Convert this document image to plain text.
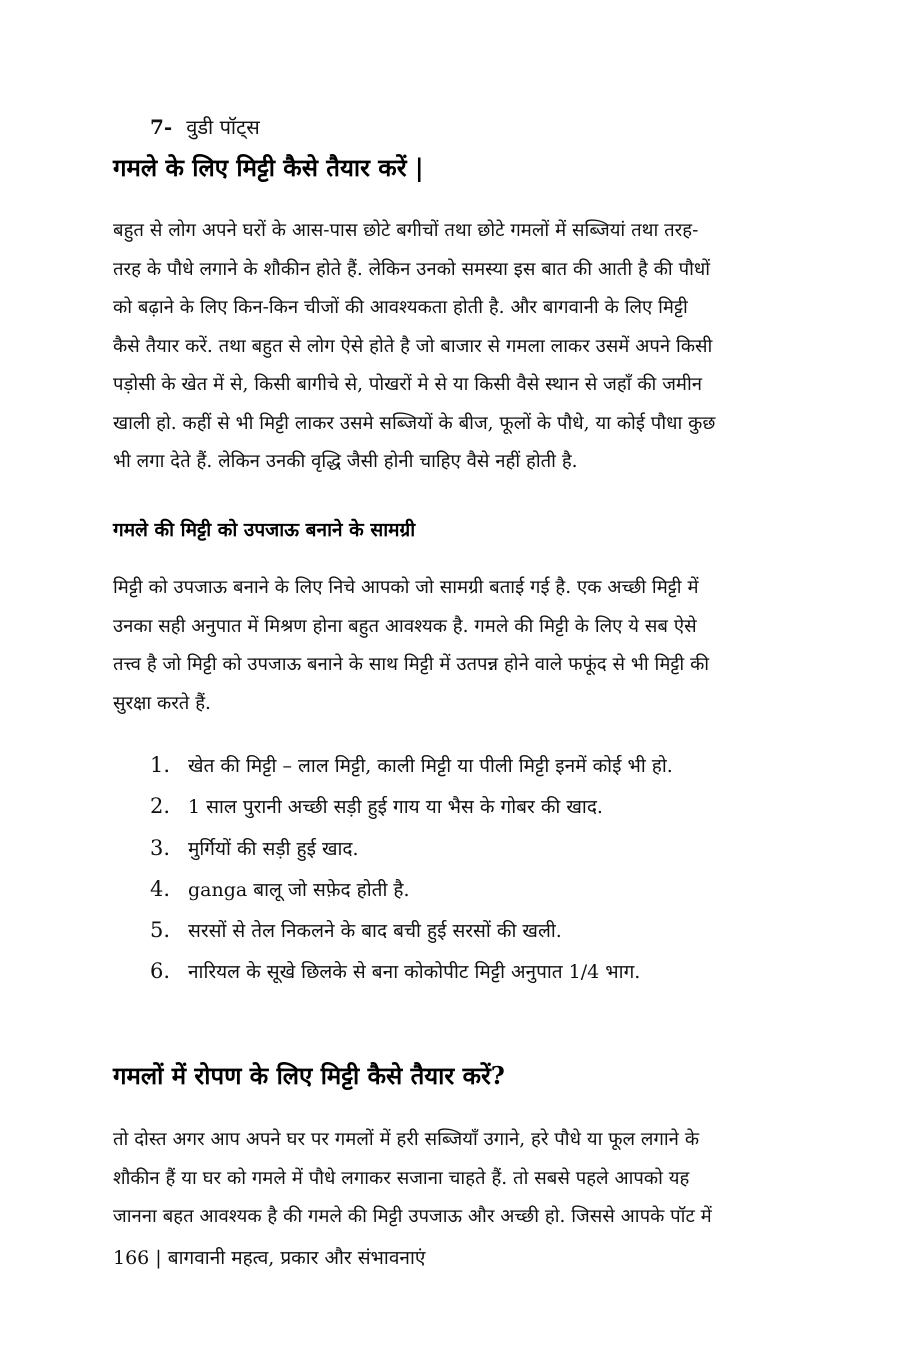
7- वुडी पॉट्स
गमले के लिए मिट्टी कैसे तैयार करें |

बहुत से लोग अपने घरों के आस-पास छोटे बगीचों तथा छोटे गमलों में सब्जियां तथा तरह-
तरह के पौधे लगाने के शौकीन होते हैं. लेकिन उनको समस्या इस बात की आती है की पौधों
को बढ़ाने के लिए किन-किन चीजों की आवश्यकता होती है. और बागवानी के लिए मिट्टी
कैसे तैयार करें. तथा बहुत से लोग ऐसे होते है जो बाजार से गमला लाकर उसमें अपने किसी
पड़ोसी के खेत में से, किसी बागीचे से, पोखरों मे से या किसी वैसे स्थान से जहाँ की जमीन
खाली हो. कहीं से भी मिट्टी लाकर उसमे सब्जियों के बीज, फूलों के पौधे, या कोई पौधा कुछ
भी लगा देते हैं. लेकिन उनकी वृद्धि जैसी होनी चाहिए वैसे नहीं होती है.

गमले की मिट्टी को उपजाऊ बनाने के सामग्री

मिट्टी को उपजाऊ बनाने के लिए निचे आपको जो सामग्री बताई गई है. एक अच्छी मिट्टी में
उनका सही अनुपात में मिश्रण होना बहुत आवश्यक है. गमले की मिट्टी के लिए ये सब ऐसे
तत्त्व है जो मिट्टी को उपजाऊ बनाने के साथ मिट्टी में उतपन्न होने वाले फफूंद से भी मिट्टी की
सुरक्षा करते हैं.

1. खेत की मिट्टी – लाल मिट्टी, काली मिट्टी या पीली मिट्टी इनमें कोई भी हो.
2. 1 साल पुरानी अच्छी सड़ी हुई गाय या भैस के गोबर की खाद.
3. मुर्गियों की सड़ी हुई खाद.
4. ganga बालू जो सफ़ेद होती है.
5. सरसों से तेल निकलने के बाद बची हुई सरसों की खली.
6. नारियल के सूखे छिलके से बना कोकोपीट मिट्टी अनुपात 1/4 भाग.
गमलों में रोपण के लिए मिट्टी कैसे तैयार करें?

तो दोस्त अगर आप अपने घर पर गमलों में हरी सब्जियाँ उगाने, हरे पौधे या फूल लगाने के
शौकीन हैं या घर को गमले में पौधे लगाकर सजाना चाहते हैं. तो सबसे पहले आपको यह
जानना बहत आवश्यक है की गमले की मिट्टी उपजाऊ और अच्छी हो. जिससे आपके पॉट में

166 | बागवानी महत्व, प्रकार और संभावनाएं
